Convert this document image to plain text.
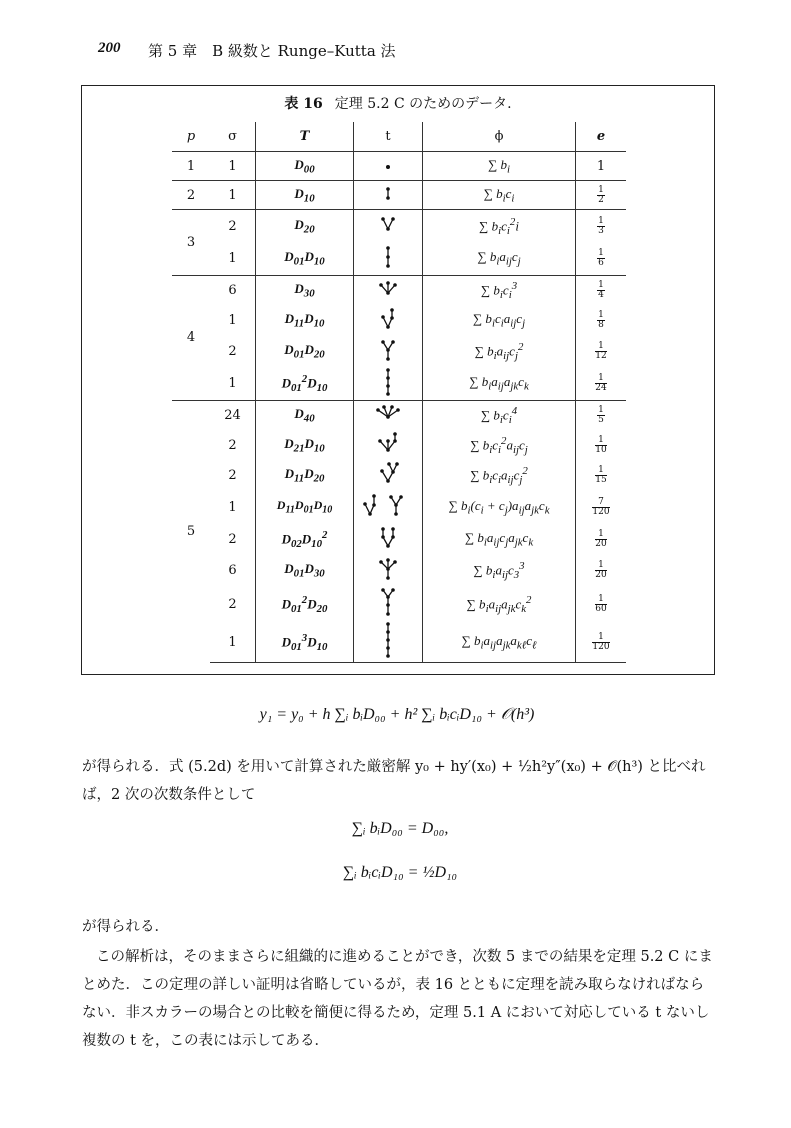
200 第 5 章　B 級数と Runge–Kutta 法
表 16 定理 5.2 C のためのデータ.
p	σ	T	t	ϕ	e
1	1	$D_{00}$		∑ $b_i$	1
2	1	$D_{10}$		∑ $b_ic_i$	$\frac{1}{2}$

3	2	$D_{20}$		∑ $b_ic_i^2i$	$\frac{1}{3}$

	1	$D_{01}D_{10}$		∑ $b_ia_{ij}c_j$	$\frac{1}{6}$

4	6	$D_{30}$		∑ $b_ic_i^3$	$\frac{1}{4}$

	1	$D_{11}D_{10}$		∑ $b_ic_ia_{ij}c_j$	$\frac{1}{8}$

	2	$D_{01}D_{20}$		∑ $b_ia_{ij}c_j^2$	$\frac{1}{12}$

	1	$D_{01}^2D_{10}$		∑ $b_ia_{ij}a_{jk}c_k$	$\frac{1}{24}$

5	24	$D_{40}$		∑ $b_ic_i^4$	$\frac{1}{5}$

	2	$D_{21}D_{10}$		∑ $b_ic_i^2a_{ij}c_j$	$\frac{1}{10}$

	2	$D_{11}D_{20}$		∑ $b_ic_ia_{ij}c_j^2$	$\frac{1}{15}$

	1	$D_{11}D_{01}D_{10}$		∑ $b_i(c_i + c_j)a_{ij}a_{jk}c_k$	$\frac{7}{120}$

	2	$D_{02}D_{10}^2$		∑ $b_ia_{ij}c_ja_{jk}c_k$	$\frac{1}{20}$

	6	$D_{01}D_{30}$		∑ $b_ia_{ij}c_3^3$	$\frac{1}{20}$

	2	$D_{01}^2D_{20}$		∑ $b_ia_{ij}a_{jk}c_k^2$	$\frac{1}{60}$

	1	$D_{01}^3D_{10}$		∑ $b_ia_{ij}a_{jk}a_{k\ell}c_\ell$	$\frac{1}{120}$
y₁ = y₀ + h ∑ᵢ bᵢD₀₀ + h² ∑ᵢ bᵢcᵢD₁₀ + 𝒪(h³)
が得られる．式 (5.2d) を用いて計算された厳密解 y₀ + hy′(x₀) + ½h²y″(x₀) + 𝒪(h³) と比べれば，2 次の次数条件として
∑ᵢ bᵢD₀₀ = D₀₀,
∑ᵢ bᵢcᵢD₁₀ = ½D₁₀
が得られる．
この解析は，そのままさらに組織的に進めることができ，次数 5 までの結果を定理 5.2 C にまとめた．この定理の詳しい証明は省略しているが，表 16 とともに定理を読み取らなければならない．非スカラーの場合との比較を簡便に得るため，定理 5.1 A において対応している t ないし複数の t を，この表には示してある．
